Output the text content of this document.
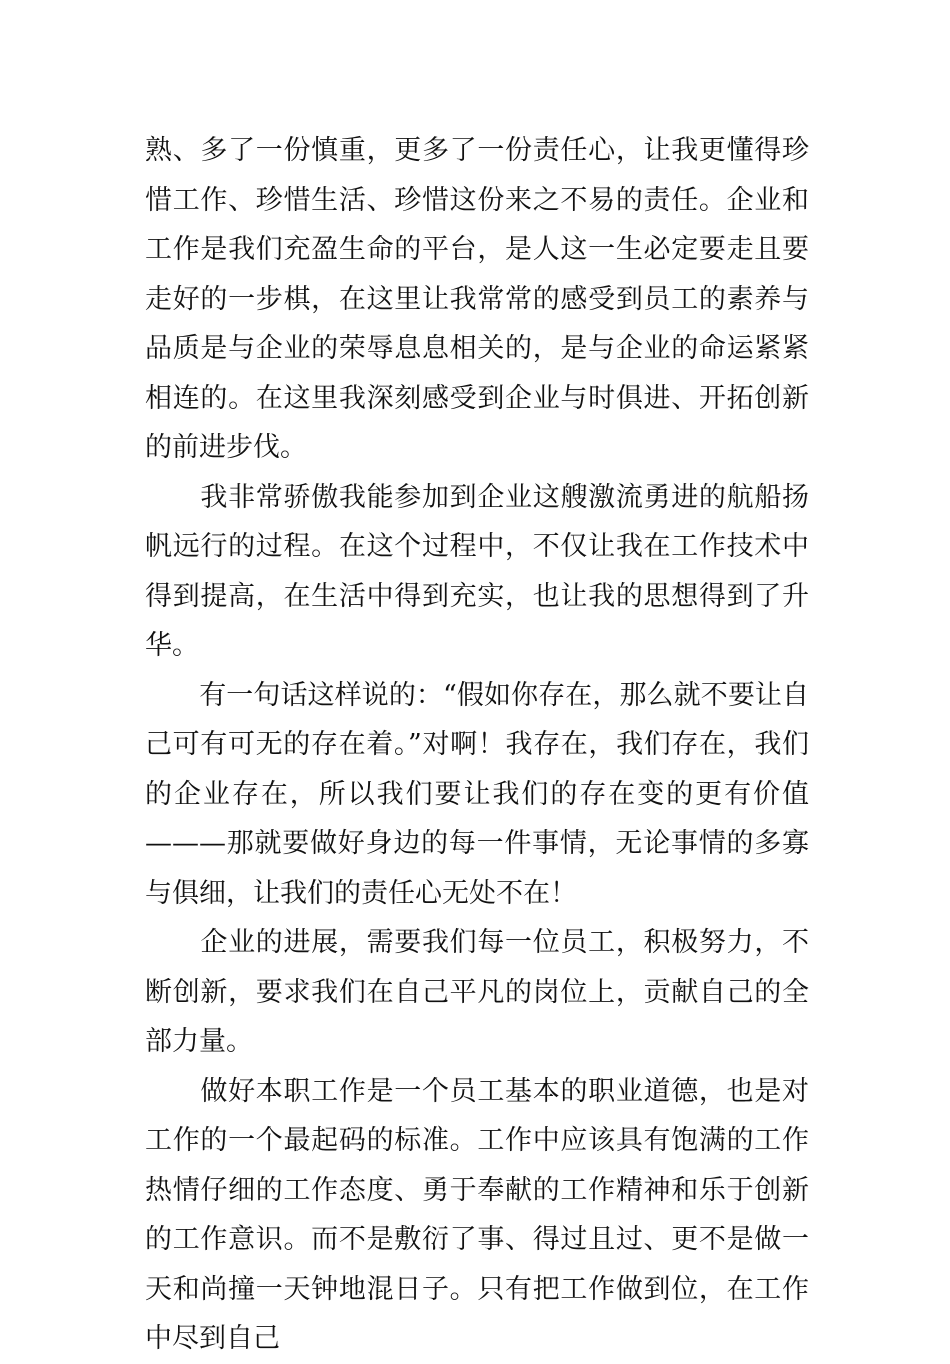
熟、多了一份慎重，更多了一份责任心，让我更懂得珍惜工作、珍惜生活、珍惜这份来之不易的责任。企业和工作是我们充盈生命的平台，是人这一生必定要走且要走好的一步棋，在这里让我常常的感受到员工的素养与品质是与企业的荣辱息息相关的，是与企业的命运紧紧相连的。在这里我深刻感受到企业与时俱进、开拓创新的前进步伐。

　　我非常骄傲我能参加到企业这艘激流勇进的航船扬帆远行的过程。在这个过程中，不仅让我在工作技术中得到提高，在生活中得到充实，也让我的思想得到了升华。

　　有一句话这样说的：“假如你存在，那么就不要让自己可有可无的存在着。”对啊！我存在，我们存在，我们的企业存在，所以我们要让我们的存在变的更有价值———那就要做好身边的每一件事情，无论事情的多寡与俱细，让我们的责任心无处不在！

　　企业的进展，需要我们每一位员工，积极努力，不断创新，要求我们在自己平凡的岗位上，贡献自己的全部力量。

　　做好本职工作是一个员工基本的职业道德，也是对工作的一个最起码的标准。工作中应该具有饱满的工作热情仔细的工作态度、勇于奉献的工作精神和乐于创新的工作意识。而不是敷衍了事、得过且过、更不是做一天和尚撞一天钟地混日子。只有把工作做到位，在工作中尽到自己
